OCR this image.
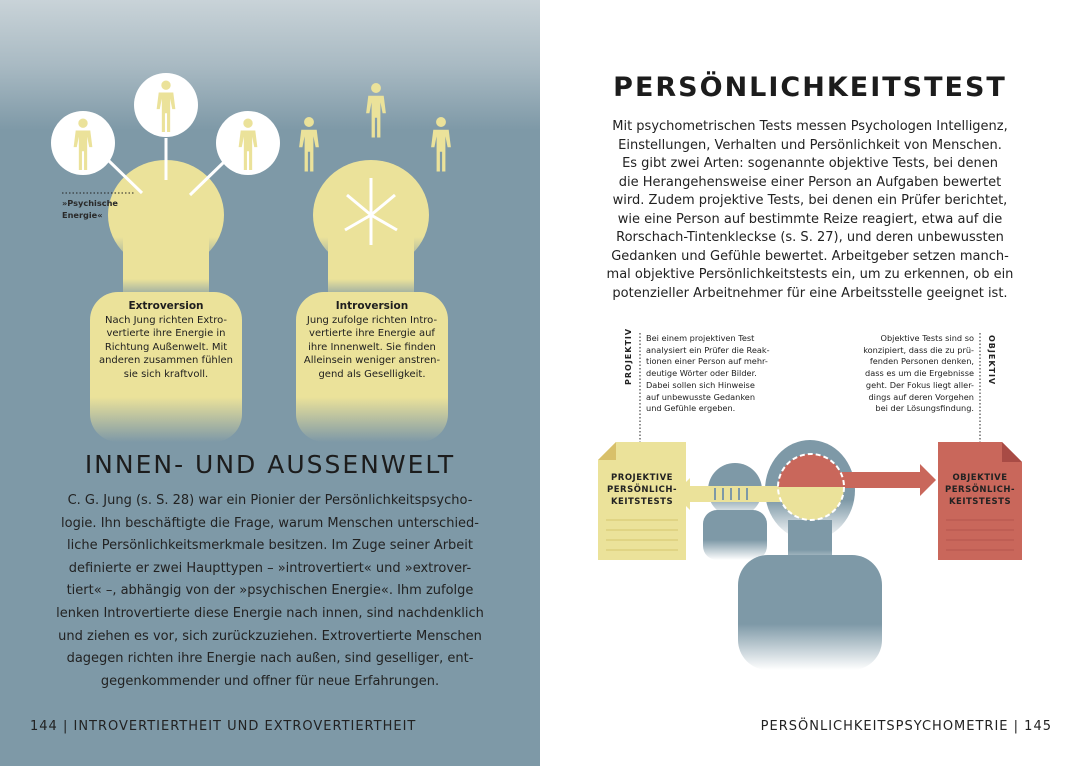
»Psychische
Energie«
Extroversion
Nach Jung richten Extro-
vertierte ihre Energie in
Richtung Außenwelt. Mit
anderen zusammen fühlen
sie sich kraftvoll.
Introversion
Jung zufolge richten Intro-
vertierte ihre Energie auf
ihre Innenwelt. Sie finden
Alleinsein weniger anstren-
gend als Geselligkeit.
INNEN- UND AUSSENWELT
C. G. Jung (s. S. 28) war ein Pionier der Persönlichkeitspsycho-
logie. Ihn beschäftigte die Frage, warum Menschen unterschied-
liche Persönlichkeitsmerkmale besitzen. Im Zuge seiner Arbeit
definierte er zwei Haupttypen – »introvertiert« und »extrover-
tiert« –, abhängig von der »psychischen Energie«. Ihm zufolge
lenken Introvertierte diese Energie nach innen, sind nachdenklich
und ziehen es vor, sich zurückzuziehen. Extrovertierte Menschen
dagegen richten ihre Energie nach außen, sind geselliger, ent-
gegenkommender und offner für neue Erfahrungen.
144 | INTROVERTIERTHEIT UND EXTROVERTIERTHEIT
PERSÖNLICHKEITSTEST
Mit psychometrischen Tests messen Psychologen Intelligenz,
Einstellungen, Verhalten und Persönlichkeit von Menschen.
Es gibt zwei Arten: sogenannte objektive Tests, bei denen
die Herangehensweise einer Person an Aufgaben bewertet
wird. Zudem projektive Tests, bei denen ein Prüfer berichtet,
wie eine Person auf bestimmte Reize reagiert, etwa auf die
Rorschach-Tintenkleckse (s. S. 27), und deren unbewussten
Gedanken und Gefühle bewertet. Arbeitgeber setzen manch-
mal objektive Persönlichkeitstests ein, um zu erkennen, ob ein
potenzieller Arbeitnehmer für eine Arbeitsstelle geeignet ist.
PROJEKTIV Bei einem projektiven Test
analysiert ein Prüfer die Reak-
tionen einer Person auf mehr-
deutige Wörter oder Bilder.
Dabei sollen sich Hinweise
auf unbewusste Gedanken
und Gefühle ergeben.
OBJEKTIV
Objektive Tests sind so
konzipiert, dass die zu prü-
fenden Personen denken,
dass es um die Ergebnisse
geht. Der Fokus liegt aller-
dings auf deren Vorgehen
bei der Lösungsfindung.
PROJEKTIVE
PERSÖNLICH-
KEITSTESTS
OBJEKTIVE
PERSÖNLICH-
KEITSTESTS
PERSÖNLICHKEITSPSYCHOMETRIE | 145
